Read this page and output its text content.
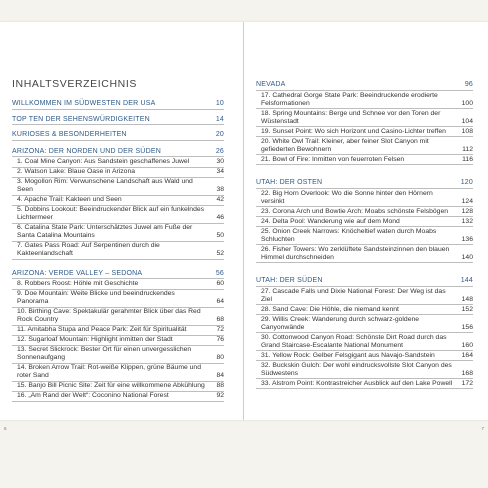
INHALTSVERZEICHNIS
WILLKOMMEN IM SÜDWESTEN DER USA	10
TOP TEN DER SEHENSWÜRDIGKEITEN	14
KURIOSES & BESONDERHEITEN	20
ARIZONA: DER NORDEN UND DER SÜDEN	26
1. Coal Mine Canyon: Aus Sandstein geschaffenes Juwel	30
2. Watson Lake: Blaue Oase in Arizona	34
3. Mogollon Rim: Verwunschene Landschaft aus Wald und Seen	38
4. Apache Trail: Kakteen und Seen	42
5. Dobbins Lookout: Beeindruckender Blick auf ein funkelndes Lichtermeer	46
6. Catalina State Park: Unterschätztes Juwel am Fuße der Santa Catalina Mountains	50
7. Gates Pass Road: Auf Serpentinen durch die Kakteenlandschaft	52
ARIZONA: VERDE VALLEY – SEDONA	56
8. Robbers Roost: Höhle mit Geschichte	60
9. Doe Mountain: Weite Blicke und beeindruckendes Panorama	64
10. Birthing Cave: Spektakulär gerahmter Blick über das Red Rock Country	68
11. Amitabha Stupa and Peace Park: Zeit für Spiritualität	72
12. Sugarloaf Mountain: Highlight inmitten der Stadt	76
13. Secret Slickrock: Bester Ort für einen unvergesslichen Sonnenaufgang	80
14. Broken Arrow Trail: Rot-weiße Klippen, grüne Bäume und roter Sand	84
15. Banjo Bill Picnic Site: Zeit für eine willkommene Abkühlung	88
16. „Am Rand der Welt“: Coconino National Forest	92
6
NEVADA	96
17. Cathedral Gorge State Park: Beeindruckende erodierte Felsformationen	100
18. Spring Mountains: Berge und Schnee vor den Toren der Wüstenstadt	104
19. Sunset Point: Wo sich Horizont und Casino-Lichter treffen	108
20. White Owl Trail: Kleiner, aber feiner Slot Canyon mit gefiederten Bewohnern	112
21. Bowl of Fire: Inmitten von feuerroten Felsen	116
UTAH: DER OSTEN	120
22. Big Horn Overlook: Wo die Sonne hinter den Hörnern versinkt	124
23. Corona Arch und Bowtie Arch: Moabs schönste Felsbögen	128
24. Delta Pool: Wanderung wie auf dem Mond	132
25. Onion Creek Narrows: Knöcheltief waten durch Moabs Schluchten	136
26. Fisher Towers: Wo zerklüftete Sandsteinzinnen den blauen Himmel durchschneiden	140
UTAH: DER SÜDEN	144
27. Cascade Falls und Dixie National Forest: Der Weg ist das Ziel	148
28. Sand Cave: Die Höhle, die niemand kennt	152
29. Willis Creek: Wanderung durch schwarz-goldene Canyonwände	156
30. Cottonwood Canyon Road: Schönste Dirt Road durch das Grand Staircase-Escalante National Monument	160
31. Yellow Rock: Gelber Felsgigant aus Navajo-Sandstein	164
32. Buckskin Gulch: Der wohl eindrucksvollste Slot Canyon des Südwestens	168
33. Alstrom Point: Kontrastreicher Ausblick auf den Lake Powell	172
7
